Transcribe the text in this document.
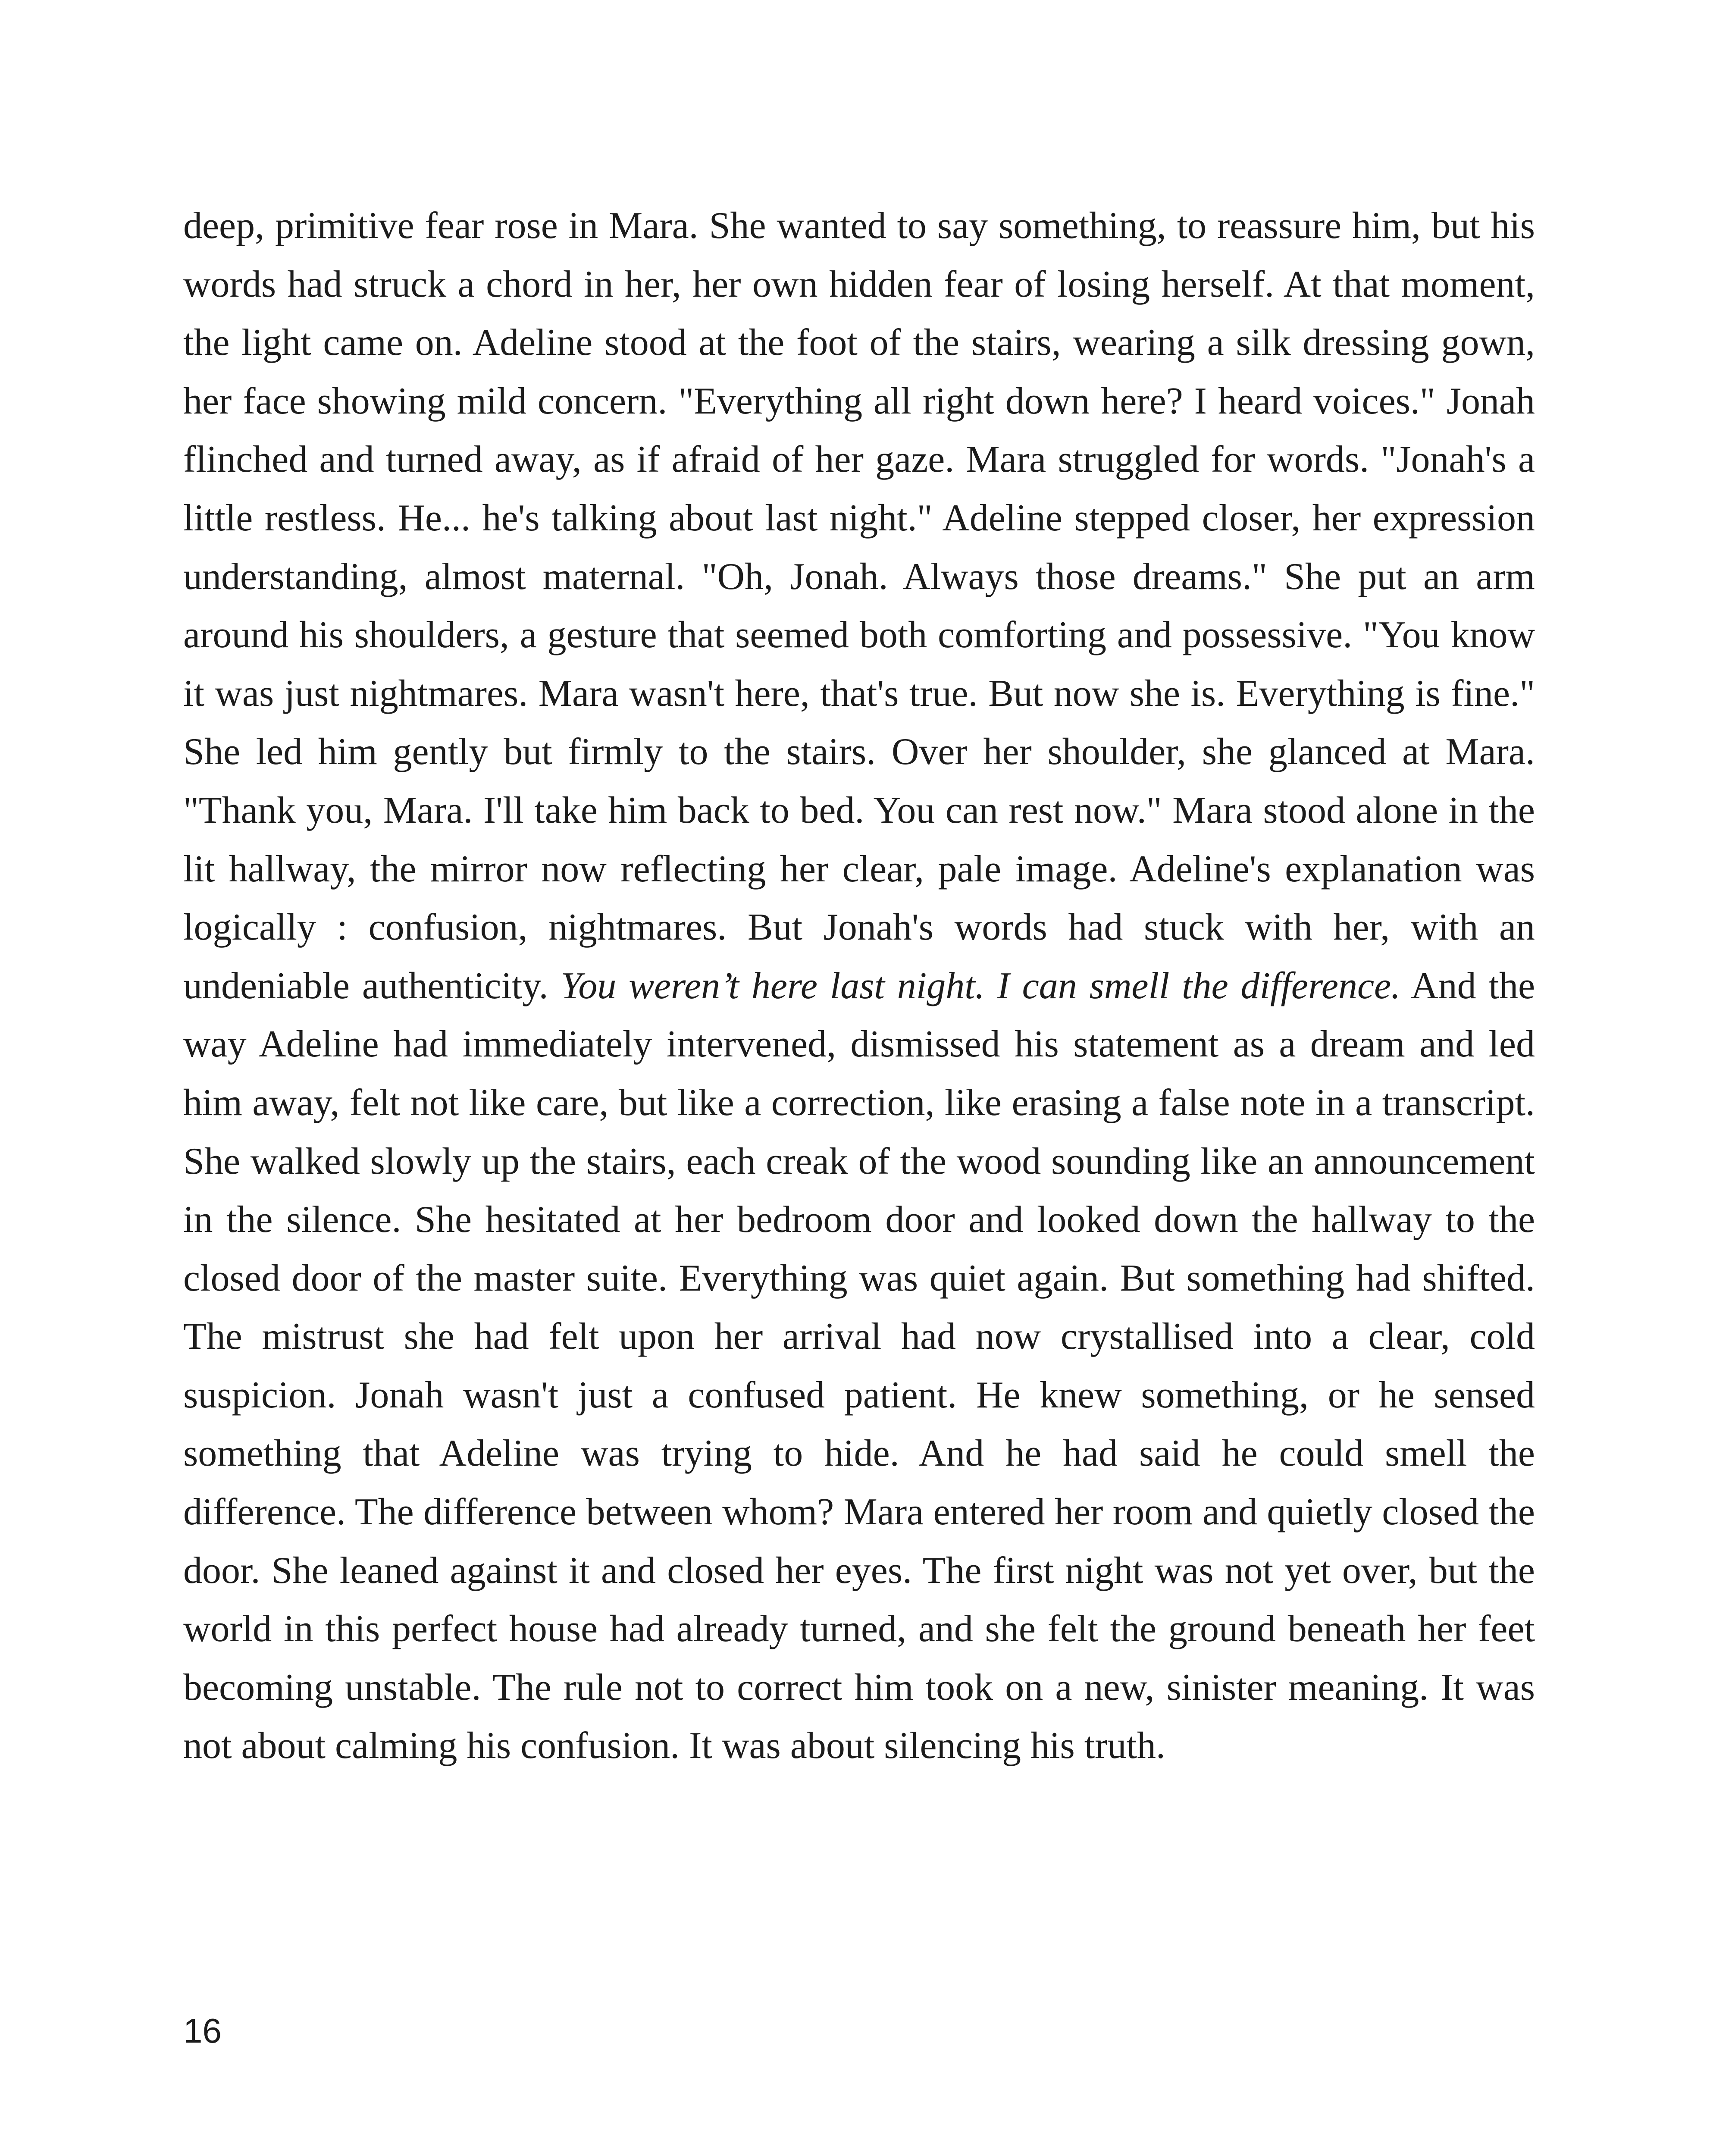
deep, primitive fear rose in Mara. She wanted to say something, to reassure him, but his words had struck a chord in her, her own hidden fear of losing herself. At that moment, the light came on. Adeline stood at the foot of the stairs, wearing a silk dressing gown, her face showing mild concern. "Everything all right down here? I heard voices." Jonah flinched and turned away, as if afraid of her gaze. Mara struggled for words. "Jonah's a little restless. He... he's talking about last night." Adeline stepped closer, her expression understanding, almost maternal. "Oh, Jonah. Always those dreams." She put an arm around his shoulders, a gesture that seemed both comforting and possessive. "You know it was just nightmares. Mara wasn't here, that's true. But now she is. Everything is fine." She led him gently but firmly to the stairs. Over her shoulder, she glanced at Mara. "Thank you, Mara. I'll take him back to bed. You can rest now." Mara stood alone in the lit hallway, the mirror now reflecting her clear, pale image. Adeline's explanation was logically : confusion, nightmares. But Jonah's words had stuck with her, with an undeniable authenticity. You weren’t here last night. I can smell the difference. And the way Adeline had immediately intervened, dismissed his statement as a dream and led him away, felt not like care, but like a correction, like erasing a false note in a transcript. She walked slowly up the stairs, each creak of the wood sounding like an announcement in the silence. She hesitated at her bedroom door and looked down the hallway to the closed door of the master suite. Everything was quiet again. But something had shifted. The mistrust she had felt upon her arrival had now crystallised into a clear, cold suspicion. Jonah wasn't just a confused patient. He knew something, or he sensed something that Adeline was trying to hide. And he had said he could smell the difference. The difference between whom? Mara entered her room and quietly closed the door. She leaned against it and closed her eyes. The first night was not yet over, but the world in this perfect house had already turned, and she felt the ground beneath her feet becoming unstable. The rule not to correct him took on a new, sinister meaning. It was not about calming his confusion. It was about silencing his truth.

16
